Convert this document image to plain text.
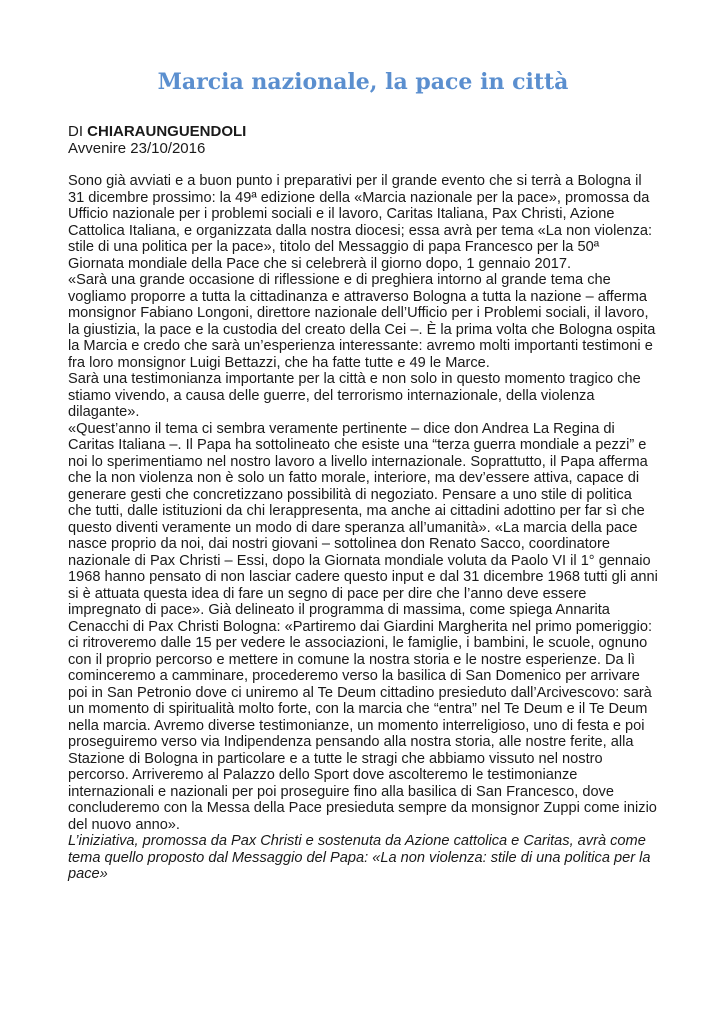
Marcia nazionale, la pace in città
DI CHIARAUNGUENDOLI
Avvenire 23/10/2016

Sono già avviati e a buon punto i preparativi per il grande evento che si terrà a Bologna il 31 dicembre prossimo: la 49ª edizione della «Marcia nazionale per la pace», promossa da Ufficio nazionale per i problemi sociali e il lavoro, Caritas Italiana, Pax Christi, Azione Cattolica Italiana, e organizzata dalla nostra diocesi; essa avrà per tema «La non violenza: stile di una politica per la pace», titolo del Messaggio di papa Francesco per la 50ª Giornata mondiale della Pace che si celebrerà il giorno dopo, 1 gennaio 2017.

«Sarà una grande occasione di riflessione e di preghiera intorno al grande tema che vogliamo proporre a tutta la cittadinanza e attraverso Bologna a tutta la nazione – afferma monsignor Fabiano Longoni, direttore nazionale dell’Ufficio per i Problemi sociali, il lavoro, la giustizia, la pace e la custodia del creato della Cei –. È la prima volta che Bologna ospita la Marcia e credo che sarà un’esperienza interessante: avremo molti importanti testimoni e fra loro monsignor Luigi Bettazzi, che ha fatte tutte e 49 le Marce.

Sarà una testimonianza importante per la città e non solo in questo momento tragico che stiamo vivendo, a causa delle guerre, del terrorismo internazionale, della violenza dilagante».

«Quest’anno il tema ci sembra veramente pertinente – dice don Andrea La Regina di Caritas Italiana –. Il Papa ha sottolineato che esiste una “terza guerra mondiale a pezzi” e noi lo sperimentiamo nel nostro lavoro a livello internazionale. Soprattutto, il Papa afferma che la non violenza non è solo un fatto morale, interiore, ma dev’essere attiva, capace di generare gesti che concretizzano possibilità di negoziato. Pensare a uno stile di politica che tutti, dalle istituzioni da chi lerappresenta, ma anche ai cittadini adottino per far sì che questo diventi veramente un modo di dare speranza all’umanità». «La marcia della pace nasce proprio da noi, dai nostri giovani – sottolinea don Renato Sacco, coordinatore nazionale di Pax Christi – Essi, dopo la Giornata mondiale voluta da Paolo VI il 1° gennaio 1968 hanno pensato di non lasciar cadere questo input e dal 31 dicembre 1968 tutti gli anni si è attuata questa idea di fare un segno di pace per dire che l’anno deve essere impregnato di pace». Già delineato il programma di massima, come spiega Annarita Cenacchi di Pax Christi Bologna: «Partiremo dai Giardini Margherita nel primo pomeriggio: ci ritroveremo dalle 15 per vedere le associazioni, le famiglie, i bambini, le scuole, ognuno con il proprio percorso e mettere in comune la nostra storia e le nostre esperienze. Da lì cominceremo a camminare, procederemo verso la basilica di San Domenico per arrivare poi in San Petronio dove ci uniremo al Te Deum cittadino presieduto dall’Arcivescovo: sarà un momento di spiritualità molto forte, con la marcia che “entra” nel Te Deum e il Te Deum nella marcia. Avremo diverse testimonianze, un momento interreligioso, uno di festa e poi proseguiremo verso via Indipendenza pensando alla nostra storia, alle nostre ferite, alla Stazione di Bologna in particolare e a tutte le stragi che abbiamo vissuto nel nostro percorso. Arriveremo al Palazzo dello Sport dove ascolteremo le testimonianze internazionali e nazionali per poi proseguire fino alla basilica di San Francesco, dove concluderemo con la Messa della Pace presieduta sempre da monsignor Zuppi come inizio del nuovo anno».

L’iniziativa, promossa da Pax Christi e sostenuta da Azione cattolica e Caritas, avrà come tema quello proposto dal Messaggio del Papa: «La non violenza: stile di una politica per la pace»
